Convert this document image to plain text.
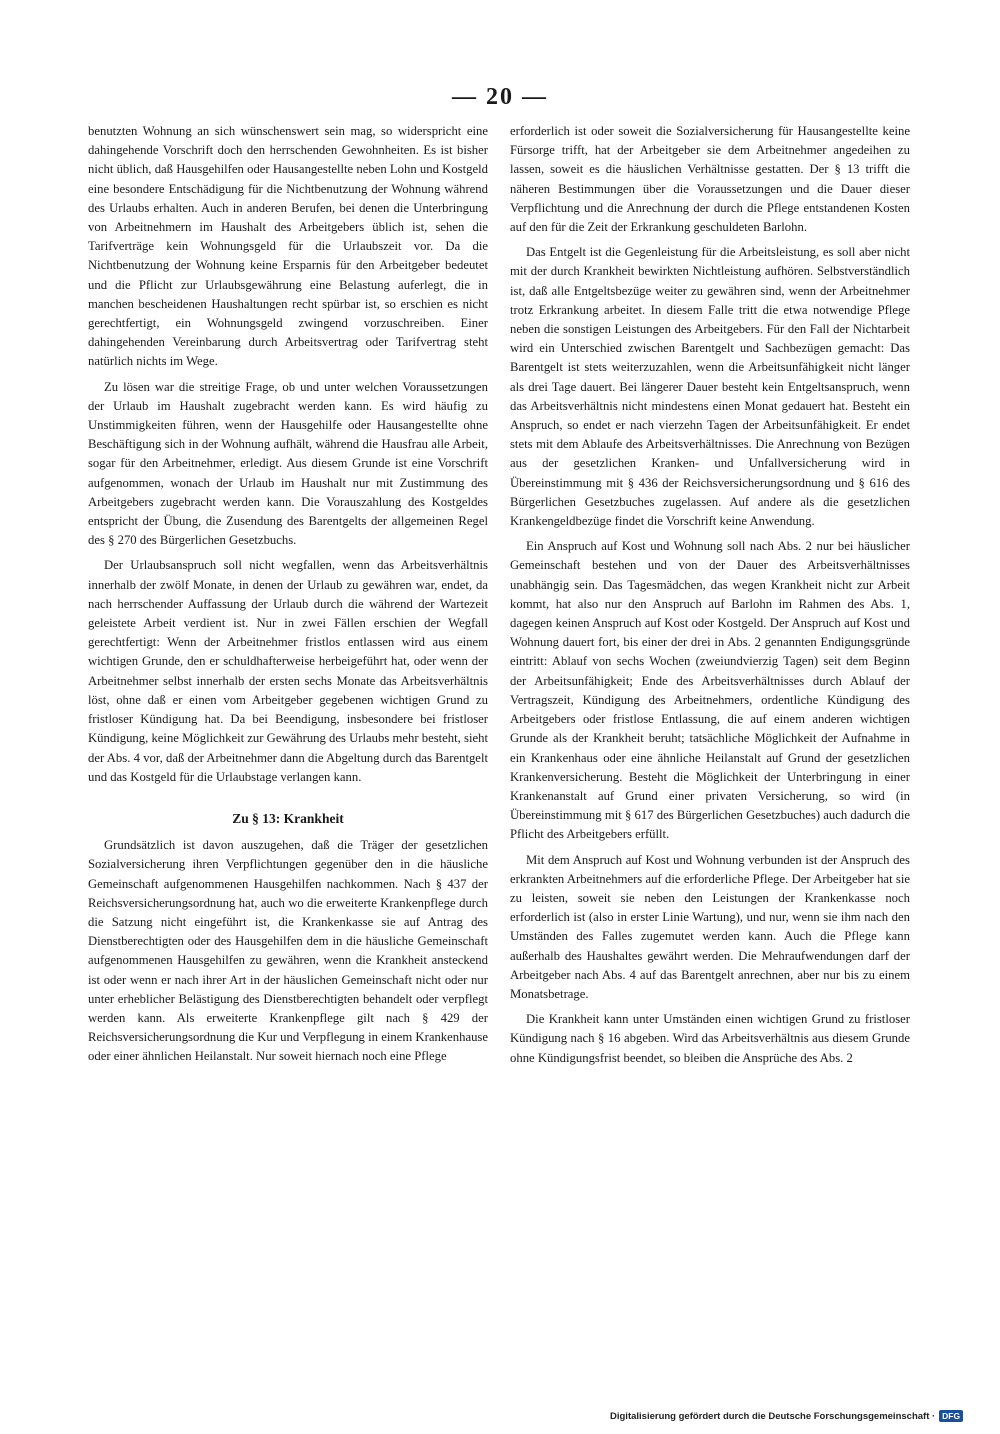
— 20 —

benutzten Wohnung an sich wünschenswert sein mag, so widerspricht eine dahingehende Vorschrift doch den herrschenden Gewohnheiten. Es ist bisher nicht üblich, daß Hausgehilfen oder Hausangestellte neben Lohn und Kostgeld eine besondere Entschädigung für die Nichtbenutzung der Wohnung während des Urlaubs erhalten. Auch in anderen Berufen, bei denen die Unterbringung von Arbeitnehmern im Haushalt des Arbeitgebers üblich ist, sehen die Tarifverträge kein Wohnungsgeld für die Urlaubszeit vor. Da die Nichtbenutzung der Wohnung keine Ersparnis für den Arbeitgeber bedeutet und die Pflicht zur Urlaubsgewährung eine Belastung auferlegt, die in manchen bescheidenen Haushaltungen recht spürbar ist, so erschien es nicht gerechtfertigt, ein Wohnungsgeld zwingend vorzuschreiben. Einer dahingehenden Vereinbarung durch Arbeitsvertrag oder Tarifvertrag steht natürlich nichts im Wege.

Zu lösen war die streitige Frage, ob und unter welchen Voraussetzungen der Urlaub im Haushalt zugebracht werden kann. Es wird häufig zu Unstimmigkeiten führen, wenn der Hausgehilfe oder Hausangestellte ohne Beschäftigung sich in der Wohnung aufhält, während die Hausfrau alle Arbeit, sogar für den Arbeitnehmer, erledigt. Aus diesem Grunde ist eine Vorschrift aufgenommen, wonach der Urlaub im Haushalt nur mit Zustimmung des Arbeitgebers zugebracht werden kann. Die Vorauszahlung des Kostgeldes entspricht der Übung, die Zusendung des Barentgelts der allgemeinen Regel des § 270 des Bürgerlichen Gesetzbuchs.

Der Urlaubsanspruch soll nicht wegfallen, wenn das Arbeitsverhältnis innerhalb der zwölf Monate, in denen der Urlaub zu gewähren war, endet, da nach herrschender Auffassung der Urlaub durch die während der Wartezeit geleistete Arbeit verdient ist. Nur in zwei Fällen erschien der Wegfall gerechtfertigt: Wenn der Arbeitnehmer fristlos entlassen wird aus einem wichtigen Grunde, den er schuldhafterweise herbeigeführt hat, oder wenn der Arbeitnehmer selbst innerhalb der ersten sechs Monate das Arbeitsverhältnis löst, ohne daß er einen vom Arbeitgeber gegebenen wichtigen Grund zu fristloser Kündigung hat. Da bei Beendigung, insbesondere bei fristloser Kündigung, keine Möglichkeit zur Gewährung des Urlaubs mehr besteht, sieht der Abs. 4 vor, daß der Arbeitnehmer dann die Abgeltung durch das Barentgelt und das Kostgeld für die Urlaubstage verlangen kann.

Zu § 13: Krankheit

Grundsätzlich ist davon auszugehen, daß die Träger der gesetzlichen Sozialversicherung ihren Verpflichtungen gegenüber den in die häusliche Gemeinschaft aufgenommenen Hausgehilfen nachkommen. Nach § 437 der Reichsversicherungsordnung hat, auch wo die erweiterte Krankenpflege durch die Satzung nicht eingeführt ist, die Krankenkasse sie auf Antrag des Dienstberechtigten oder des Hausgehilfen dem in die häusliche Gemeinschaft aufgenommenen Hausgehilfen zu gewähren, wenn die Krankheit ansteckend ist oder wenn er nach ihrer Art in der häuslichen Gemeinschaft nicht oder nur unter erheblicher Belästigung des Dienstberechtigten behandelt oder verpflegt werden kann. Als erweiterte Krankenpflege gilt nach § 429 der Reichsversicherungsordnung die Kur und Verpflegung in einem Krankenhause oder einer ähnlichen Heilanstalt. Nur soweit hiernach noch eine Pflege

erforderlich ist oder soweit die Sozialversicherung für Hausangestellte keine Fürsorge trifft, hat der Arbeitgeber sie dem Arbeitnehmer angedeihen zu lassen, soweit es die häuslichen Verhältnisse gestatten. Der § 13 trifft die näheren Bestimmungen über die Voraussetzungen und die Dauer dieser Verpflichtung und die Anrechnung der durch die Pflege entstandenen Kosten auf den für die Zeit der Erkrankung geschuldeten Barlohn.

Das Entgelt ist die Gegenleistung für die Arbeitsleistung, es soll aber nicht mit der durch Krankheit bewirkten Nichtleistung aufhören. Selbstverständlich ist, daß alle Entgeltsbezüge weiter zu gewähren sind, wenn der Arbeitnehmer trotz Erkrankung arbeitet. In diesem Falle tritt die etwa notwendige Pflege neben die sonstigen Leistungen des Arbeitgebers. Für den Fall der Nichtarbeit wird ein Unterschied zwischen Barentgelt und Sachbezügen gemacht: Das Barentgelt ist stets weiterzuzahlen, wenn die Arbeitsunfähigkeit nicht länger als drei Tage dauert. Bei längerer Dauer besteht kein Entgeltsanspruch, wenn das Arbeitsverhältnis nicht mindestens einen Monat gedauert hat. Besteht ein Anspruch, so endet er nach vierzehn Tagen der Arbeitsunfähigkeit. Er endet stets mit dem Ablaufe des Arbeitsverhältnisses. Die Anrechnung von Bezügen aus der gesetzlichen Kranken- und Unfallversicherung wird in Übereinstimmung mit § 436 der Reichsversicherungsordnung und § 616 des Bürgerlichen Gesetzbuches zugelassen. Auf andere als die gesetzlichen Krankengeldbezüge findet die Vorschrift keine Anwendung.

Ein Anspruch auf Kost und Wohnung soll nach Abs. 2 nur bei häuslicher Gemeinschaft bestehen und von der Dauer des Arbeitsverhältnisses unabhängig sein. Das Tagesmädchen, das wegen Krankheit nicht zur Arbeit kommt, hat also nur den Anspruch auf Barlohn im Rahmen des Abs. 1, dagegen keinen Anspruch auf Kost oder Kostgeld. Der Anspruch auf Kost und Wohnung dauert fort, bis einer der drei in Abs. 2 genannten Endigungsgründe eintritt: Ablauf von sechs Wochen (zweiundvierzig Tagen) seit dem Beginn der Arbeitsunfähigkeit; Ende des Arbeitsverhältnisses durch Ablauf der Vertragszeit, Kündigung des Arbeitnehmers, ordentliche Kündigung des Arbeitgebers oder fristlose Entlassung, die auf einem anderen wichtigen Grunde als der Krankheit beruht; tatsächliche Möglichkeit der Aufnahme in ein Krankenhaus oder eine ähnliche Heilanstalt auf Grund der gesetzlichen Krankenversicherung. Besteht die Möglichkeit der Unterbringung in einer Krankenanstalt auf Grund einer privaten Versicherung, so wird (in Übereinstimmung mit § 617 des Bürgerlichen Gesetzbuches) auch dadurch die Pflicht des Arbeitgebers erfüllt.

Mit dem Anspruch auf Kost und Wohnung verbunden ist der Anspruch des erkrankten Arbeitnehmers auf die erforderliche Pflege. Der Arbeitgeber hat sie zu leisten, soweit sie neben den Leistungen der Krankenkasse noch erforderlich ist (also in erster Linie Wartung), und nur, wenn sie ihm nach den Umständen des Falles zugemutet werden kann. Auch die Pflege kann außerhalb des Haushaltes gewährt werden. Die Mehraufwendungen darf der Arbeitgeber nach Abs. 4 auf das Barentgelt anrechnen, aber nur bis zu einem Monatsbetrage.

Die Krankheit kann unter Umständen einen wichtigen Grund zu fristloser Kündigung nach § 16 abgeben. Wird das Arbeitsverhältnis aus diesem Grunde ohne Kündigungsfrist beendet, so bleiben die Ansprüche des Abs. 2

Digitalisierung gefördert durch die Deutsche Forschungsgemeinschaft · DFG
